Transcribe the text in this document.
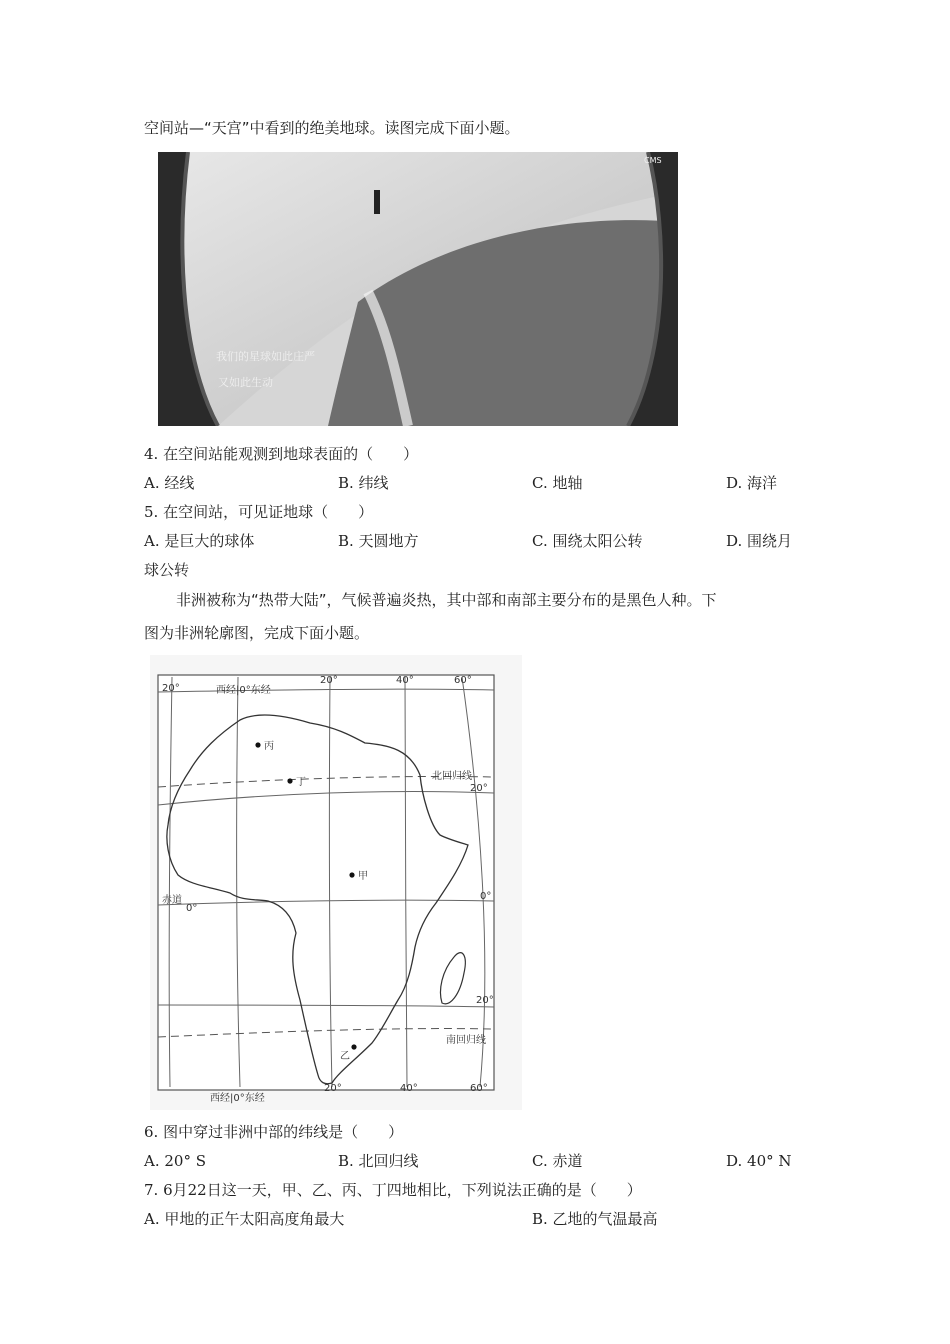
空间站—“天宫”中看到的绝美地球。读图完成下面小题。
我们的星球如此庄严
又如此生动
CMS
4. 在空间站能观测到地球表面的（　　）
A. 经线	B. 纬线	C. 地轴	D. 海洋
5. 在空间站，可见证地球（　　）
A. 是巨大的球体	B. 天圆地方	C. 围绕太阳公转	D. 围绕月
球公转
非洲被称为“热带大陆”，气候普遍炎热，其中部和南部主要分布的是黑色人种。下
图为非洲轮廓图，完成下面小题。
西经|0°东经
20°	40°	60°
20°
北回归线
20°
赤道
0°
0°
20°
南回归线
丙
丁
甲
乙
西经|0°东经
20°	40°	60°
6. 图中穿过非洲中部的纬线是（　　）
A. 20° S	B. 北回归线	C. 赤道	D. 40° N
7. 6月22日这一天，甲、乙、丙、丁四地相比，下列说法正确的是（　　）
A. 甲地的正午太阳高度角最大	B. 乙地的气温最高
